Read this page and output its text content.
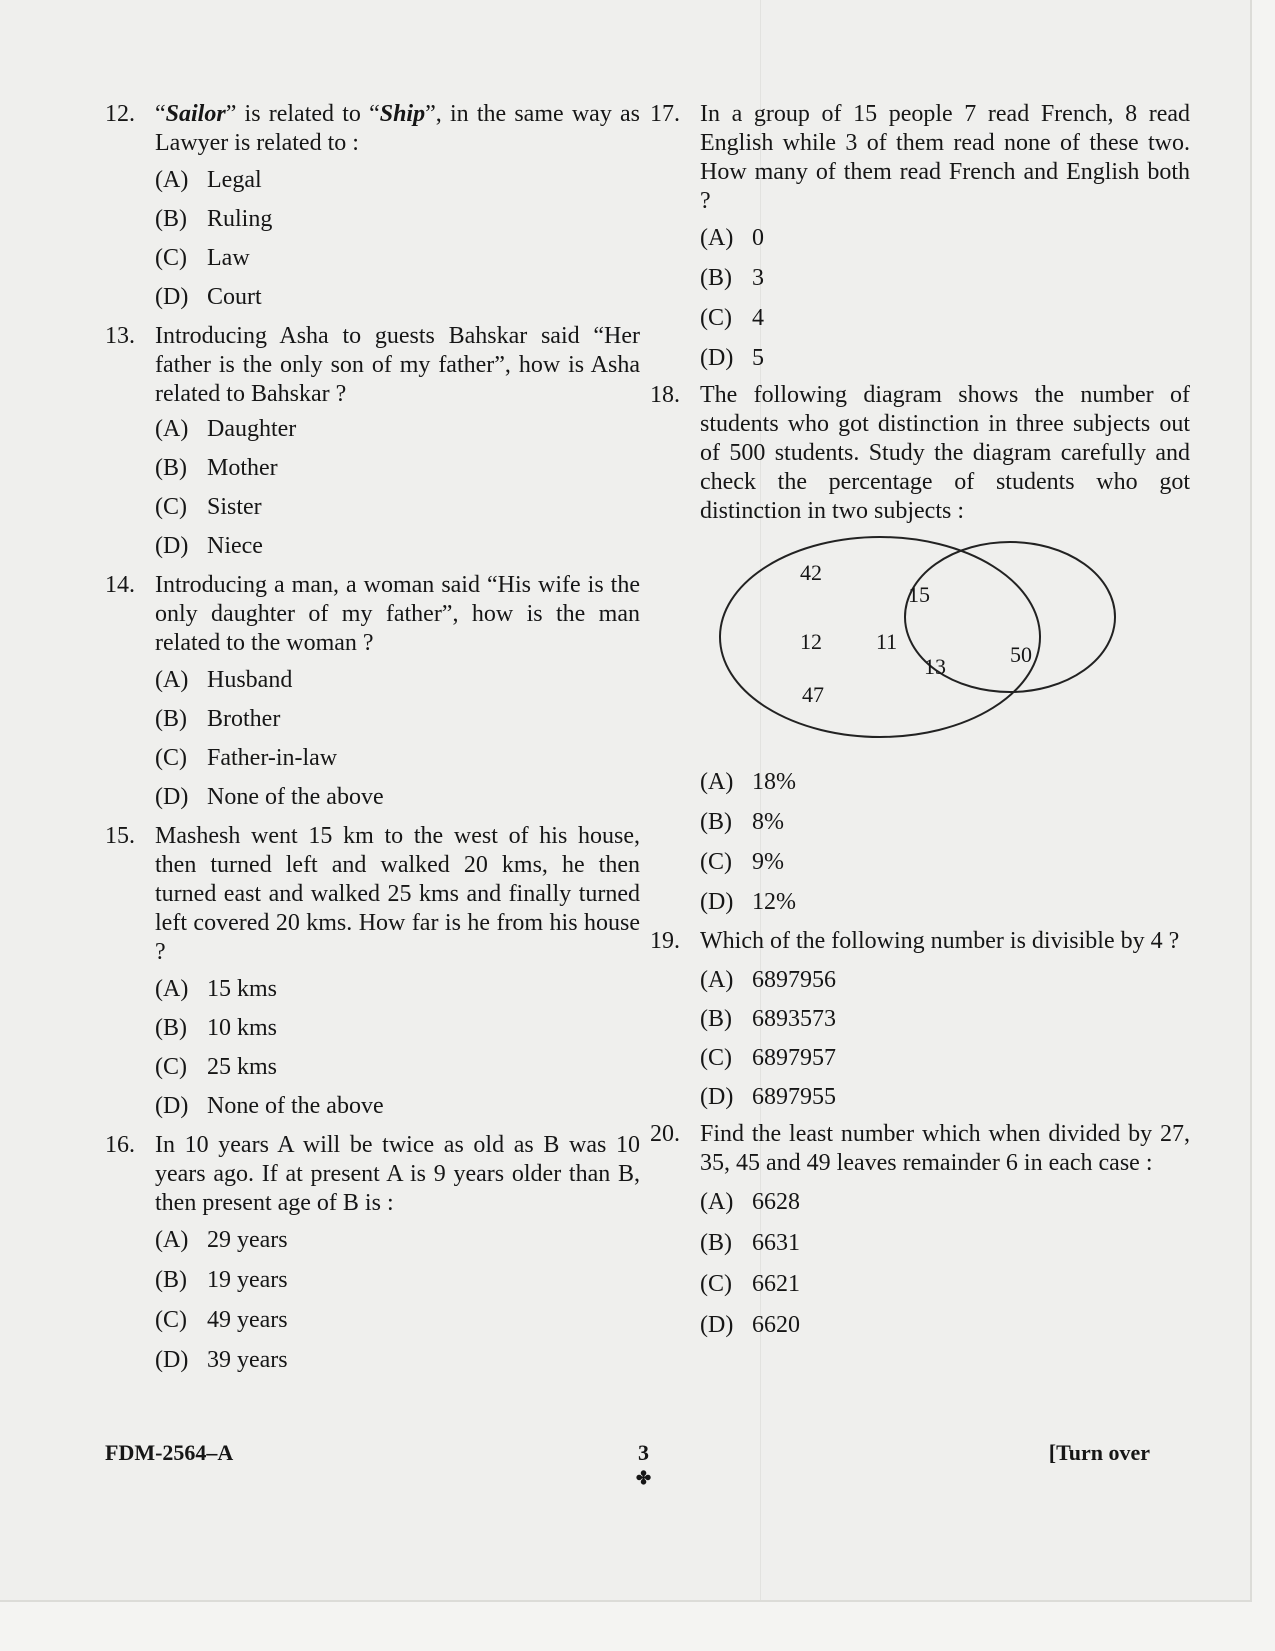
12. “Sailor” is related to “Ship”, in the same way as Lawyer is related to :
(A) Legal
(B) Ruling
(C) Law
(D) Court
13. Introducing Asha to guests Bahskar said “Her father is the only son of my father”, how is Asha related to Bahskar ?
(A) Daughter
(B) Mother
(C) Sister
(D) Niece
14. Introducing a man, a woman said “His wife is the only daughter of my father”, how is the man related to the woman ?
(A) Husband
(B) Brother
(C) Father-in-law
(D) None of the above
15. Mashesh went 15 km to the west of his house, then turned left and walked 20 kms, he then turned east and walked 25 kms and finally turned left covered 20 kms. How far is he from his house ?
(A) 15 kms
(B) 10 kms
(C) 25 kms
(D) None of the above
16. In 10 years A will be twice as old as B was 10 years ago. If at present A is 9 years older than B, then present age of B is :
(A) 29 years
(B) 19 years
(C) 49 years
(D) 39 years
17. In a group of 15 people 7 read French, 8 read English while 3 of them read none of these two. How many of them read French and English both ?
(A) 0
(B) 3
(C) 4
(D) 5
18. The following diagram shows the number of students who got distinction in three subjects out of 500 students. Study the diagram carefully and check the percentage of students who got distinction in two subjects :
42
15
12 11
50
13
47
(A) 18%
(B) 8%
(C) 9%
(D) 12%
19. Which of the following number is divisible by 4 ?
(A) 6897956
(B) 6893573
(C) 6897957
(D) 6897955
20. Find the least number which when divided by 27, 35, 45 and 49 leaves remainder 6 in each case :
(A) 6628
(B) 6631
(C) 6621
(D) 6620
FDM-2564–A	3
✤
[Turn over
